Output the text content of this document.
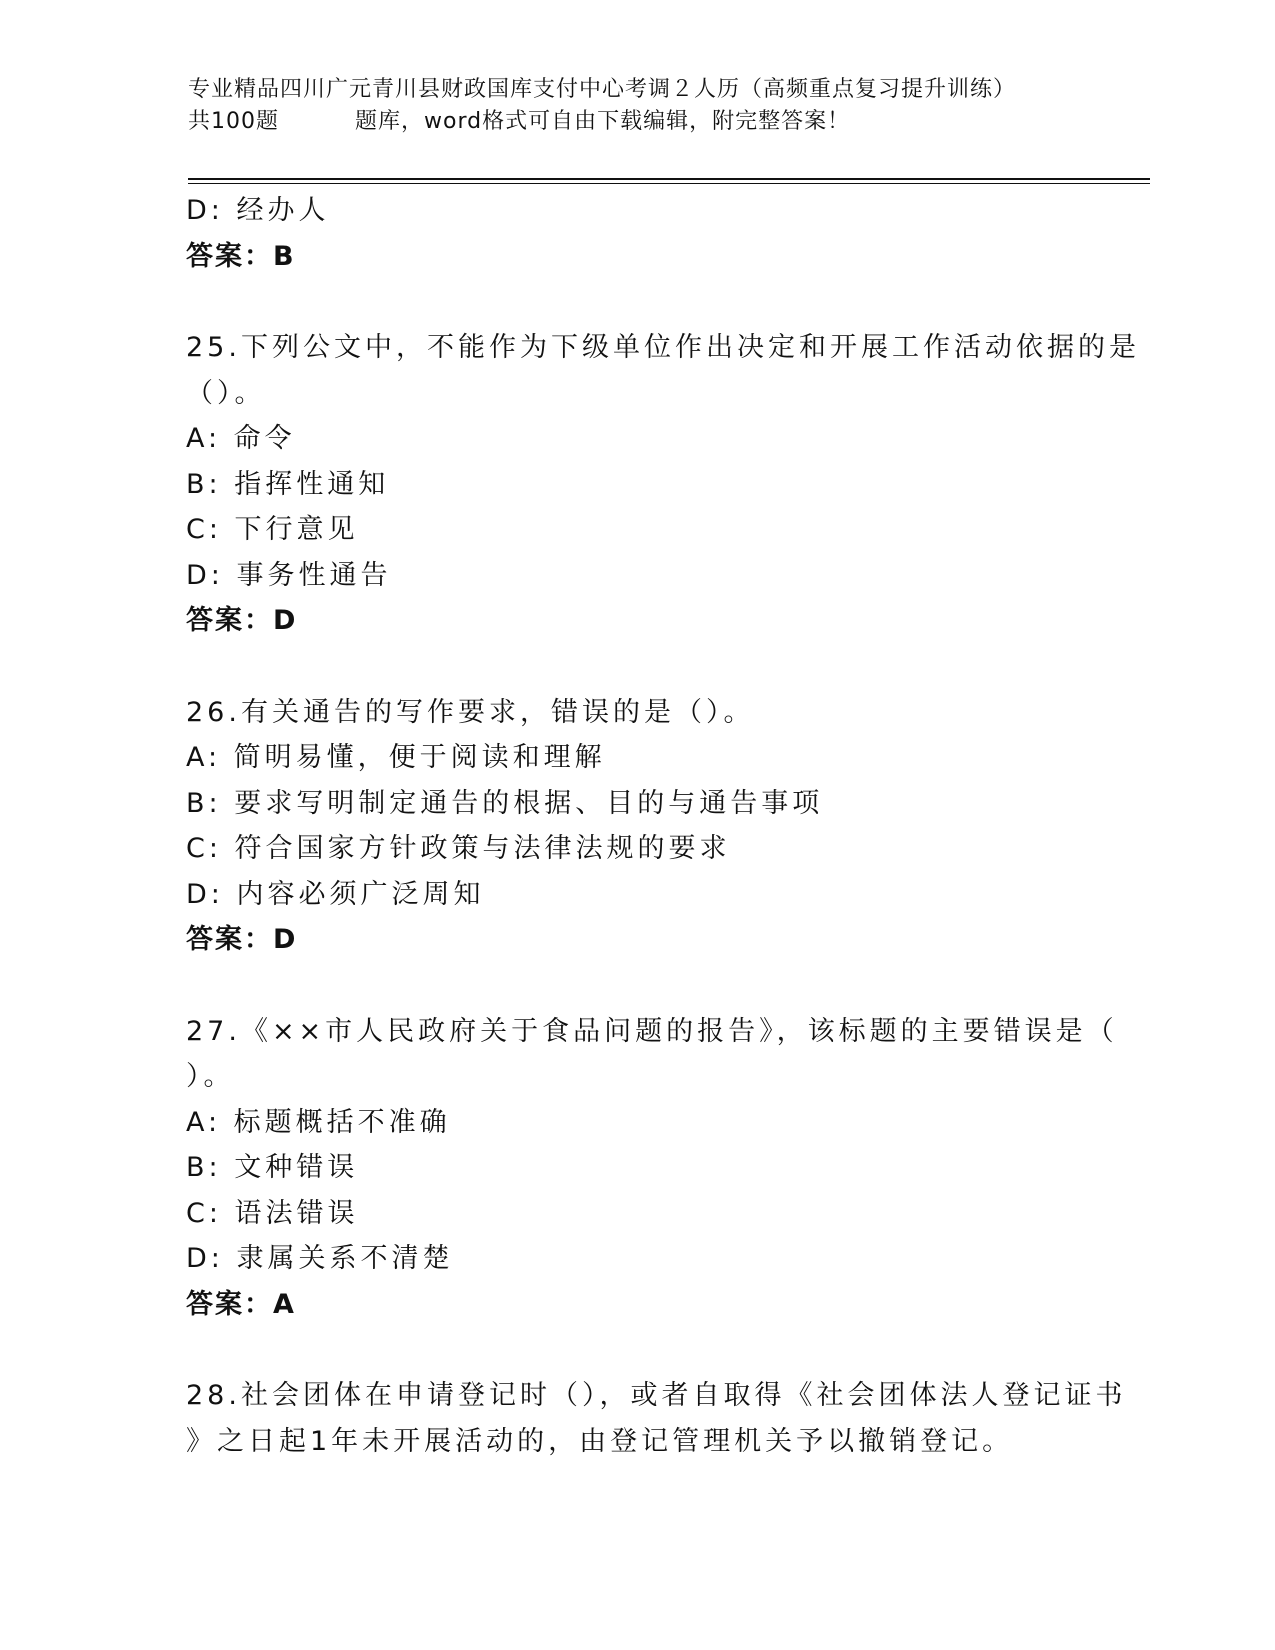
专业精品四川广元青川县财政国库支付中心考调２人历（高频重点复习提升训练）
共100题	题库，word格式可自由下载编辑，附完整答案！
D: 经办人
答案：B
25.下列公文中，不能作为下级单位作出决定和开展工作活动依据的是
（）。
A: 命令
B: 指挥性通知
C: 下行意见
D: 事务性通告
答案：D
26.有关通告的写作要求，错误的是（）。
A: 简明易懂，便于阅读和理解
B: 要求写明制定通告的根据、目的与通告事项
C: 符合国家方针政策与法律法规的要求
D: 内容必须广泛周知
答案：D
27.《××市人民政府关于食品问题的报告》，该标题的主要错误是（
）。
A: 标题概括不准确
B: 文种错误
C: 语法错误
D: 隶属关系不清楚
答案：A
28.社会团体在申请登记时（），或者自取得《社会团体法人登记证书
》之日起1年未开展活动的，由登记管理机关予以撤销登记。
